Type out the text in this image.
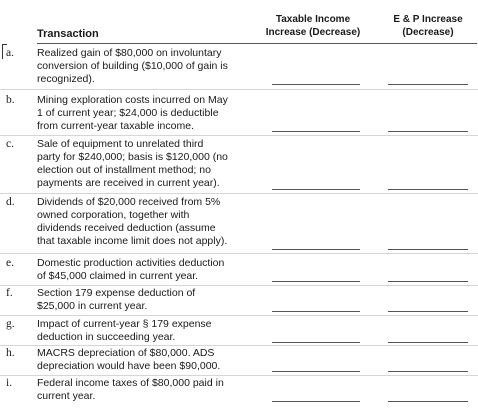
Transaction
Taxable Income
Increase (Decrease)
E & P Increase
(Decrease)
a. Realized gain of $80,000 on involuntary
conversion of building ($10,000 of gain is
recognized).
b. Mining exploration costs incurred on May
1 of current year; $24,000 is deductible
from current-year taxable income.
c. Sale of equipment to unrelated third
party for $240,000; basis is $120,000 (no
election out of installment method; no
payments are received in current year).
d. Dividends of $20,000 received from 5%
owned corporation, together with
dividends received deduction (assume
that taxable income limit does not apply).
e. Domestic production activities deduction
of $45,000 claimed in current year.
f. Section 179 expense deduction of
$25,000 in current year.
g. Impact of current-year § 179 expense
deduction in succeeding year.
h. MACRS depreciation of $80,000. ADS
depreciation would have been $90,000.
i. Federal income taxes of $80,000 paid in
current year.
